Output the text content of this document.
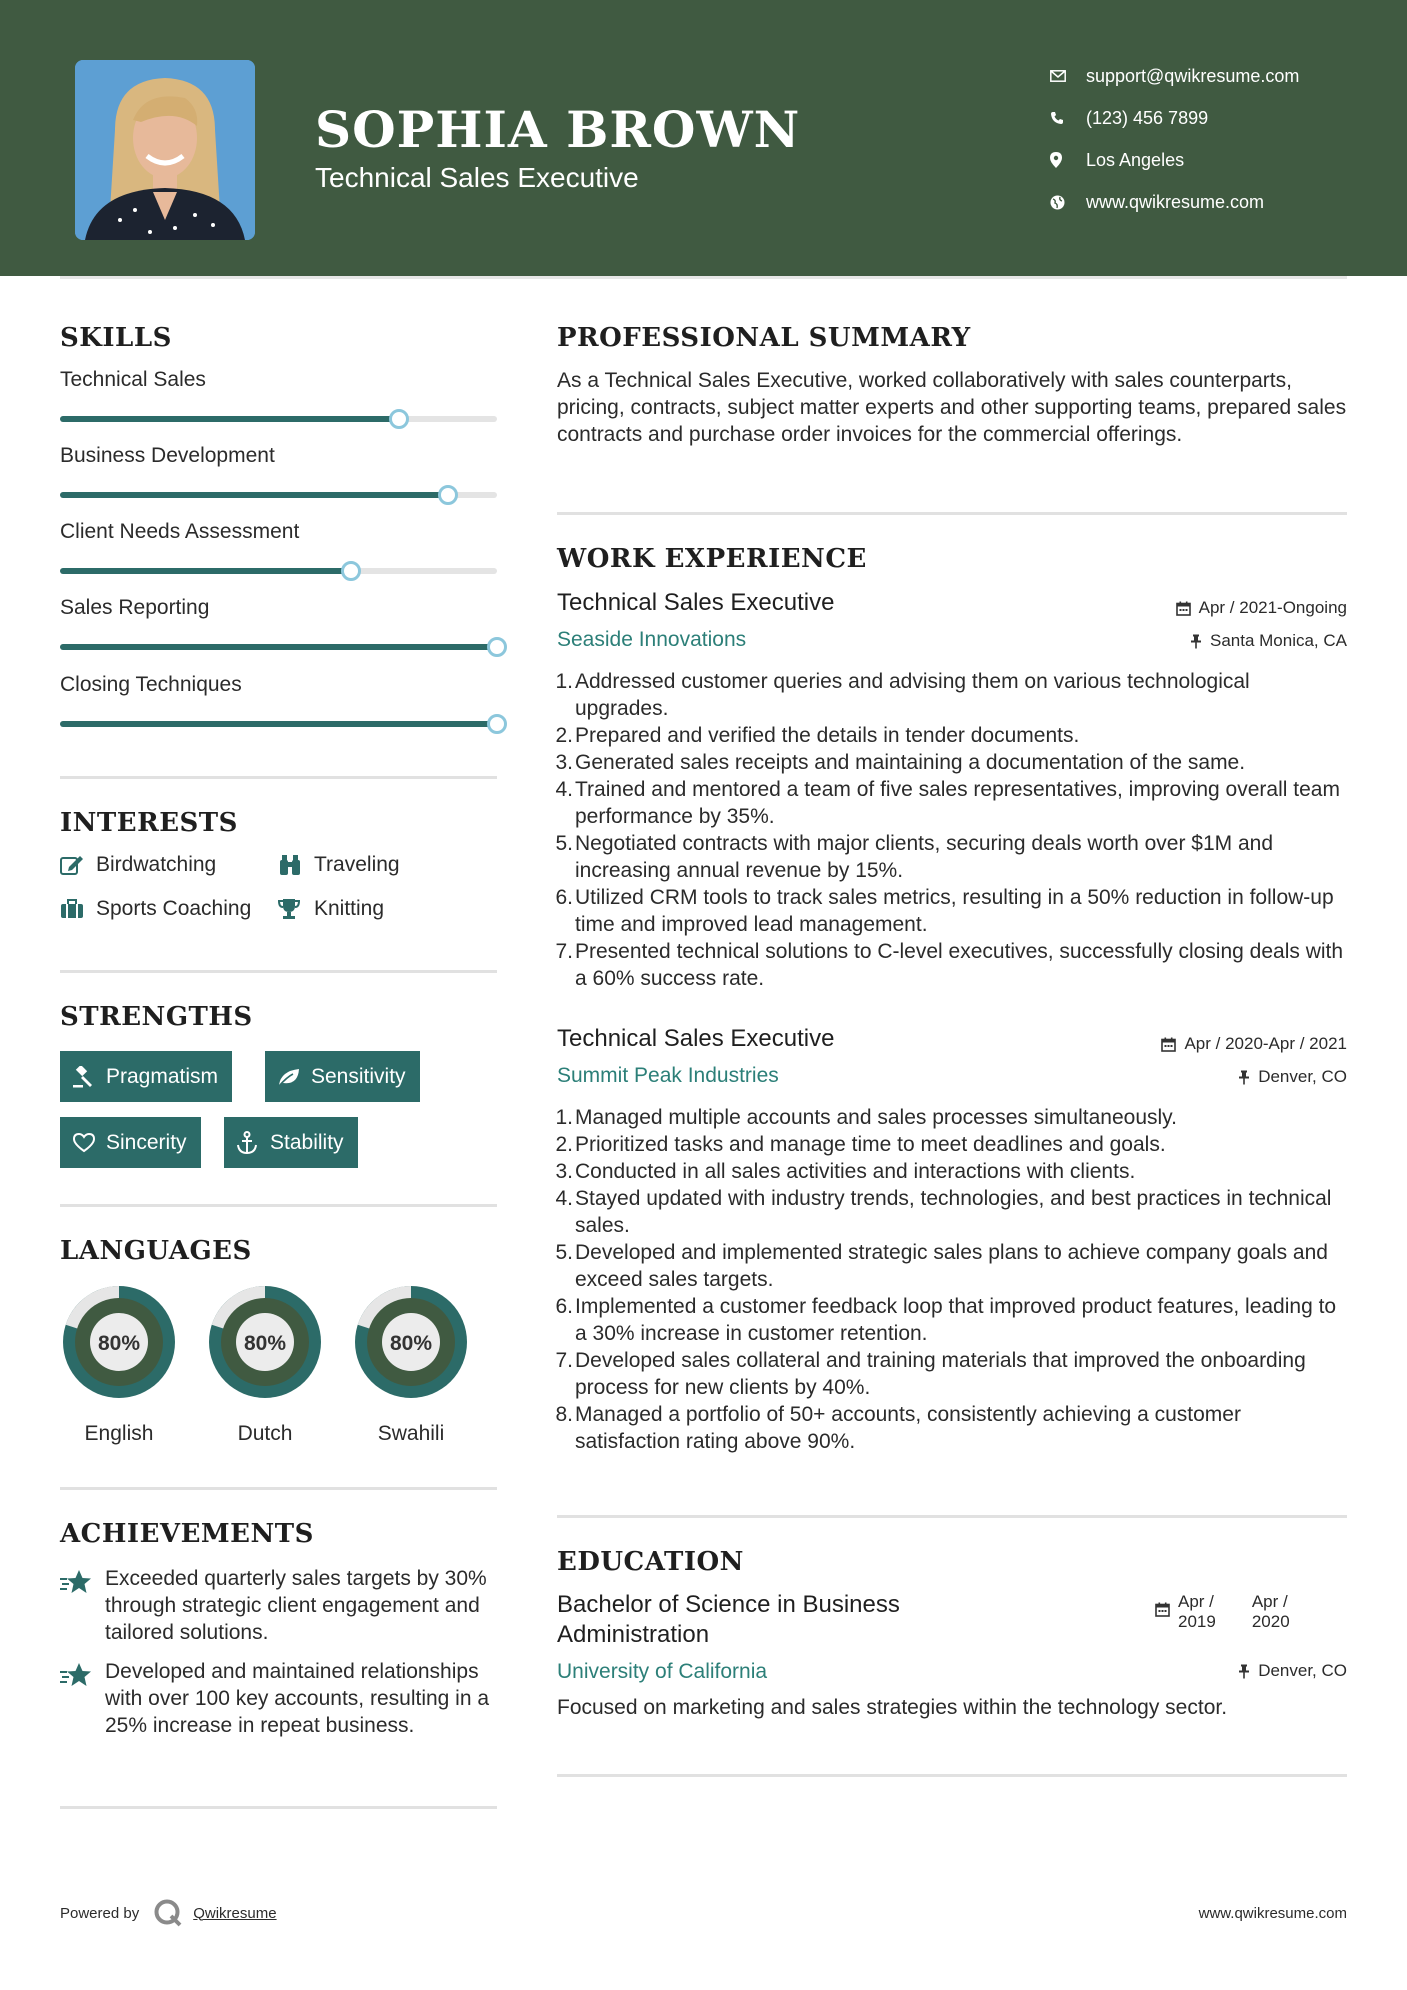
SOPHIA BROWN
Technical Sales Executive
support@qwikresume.com
(123) 456 7899
Los Angeles
www.qwikresume.com
SKILLS
Technical Sales
Business Development
Client Needs Assessment
Sales Reporting
Closing Techniques
INTERESTS
Birdwatching	Traveling
Sports Coaching	Knitting
STRENGTHS
Pragmatism	Sensitivity
Sincerity	Stability
LANGUAGES
80%
English
80%
Dutch
80%
Swahili
ACHIEVEMENTS
Exceeded quarterly sales targets by 30% through strategic client engagement and tailored solutions.
Developed and maintained relationships with over 100 key accounts, resulting in a 25% increase in repeat business.
PROFESSIONAL SUMMARY
As a Technical Sales Executive, worked collaboratively with sales counterparts, pricing, contracts, subject matter experts and other supporting teams, prepared sales contracts and purchase order invoices for the commercial offerings.
WORK EXPERIENCE
Technical Sales Executive	Apr / 2021-Ongoing
Seaside Innovations	Santa Monica, CA
1. Addressed customer queries and advising them on various technological upgrades.
2. Prepared and verified the details in tender documents.
3. Generated sales receipts and maintaining a documentation of the same.
4. Trained and mentored a team of five sales representatives, improving overall team performance by 35%.
5. Negotiated contracts with major clients, securing deals worth over $1M and increasing annual revenue by 15%.
6. Utilized CRM tools to track sales metrics, resulting in a 50% reduction in follow-up time and improved lead management.
7. Presented technical solutions to C-level executives, successfully closing deals with a 60% success rate.
Technical Sales Executive	Apr / 2020-Apr / 2021
Summit Peak Industries	Denver, CO
1. Managed multiple accounts and sales processes simultaneously.
2. Prioritized tasks and manage time to meet deadlines and goals.
3. Conducted in all sales activities and interactions with clients.
4. Stayed updated with industry trends, technologies, and best practices in technical sales.
5. Developed and implemented strategic sales plans to achieve company goals and exceed sales targets.
6. Implemented a customer feedback loop that improved product features, leading to a 30% increase in customer retention.
7. Developed sales collateral and training materials that improved the onboarding process for new clients by 40%.
8. Managed a portfolio of 50+ accounts, consistently achieving a customer satisfaction rating above 90%.
EDUCATION
Bachelor of Science in Business Administration
Apr /
2019
Apr /
2020
University of California	Denver, CO
Focused on marketing and sales strategies within the technology sector.
Powered by	Qwikresume	www.qwikresume.com
